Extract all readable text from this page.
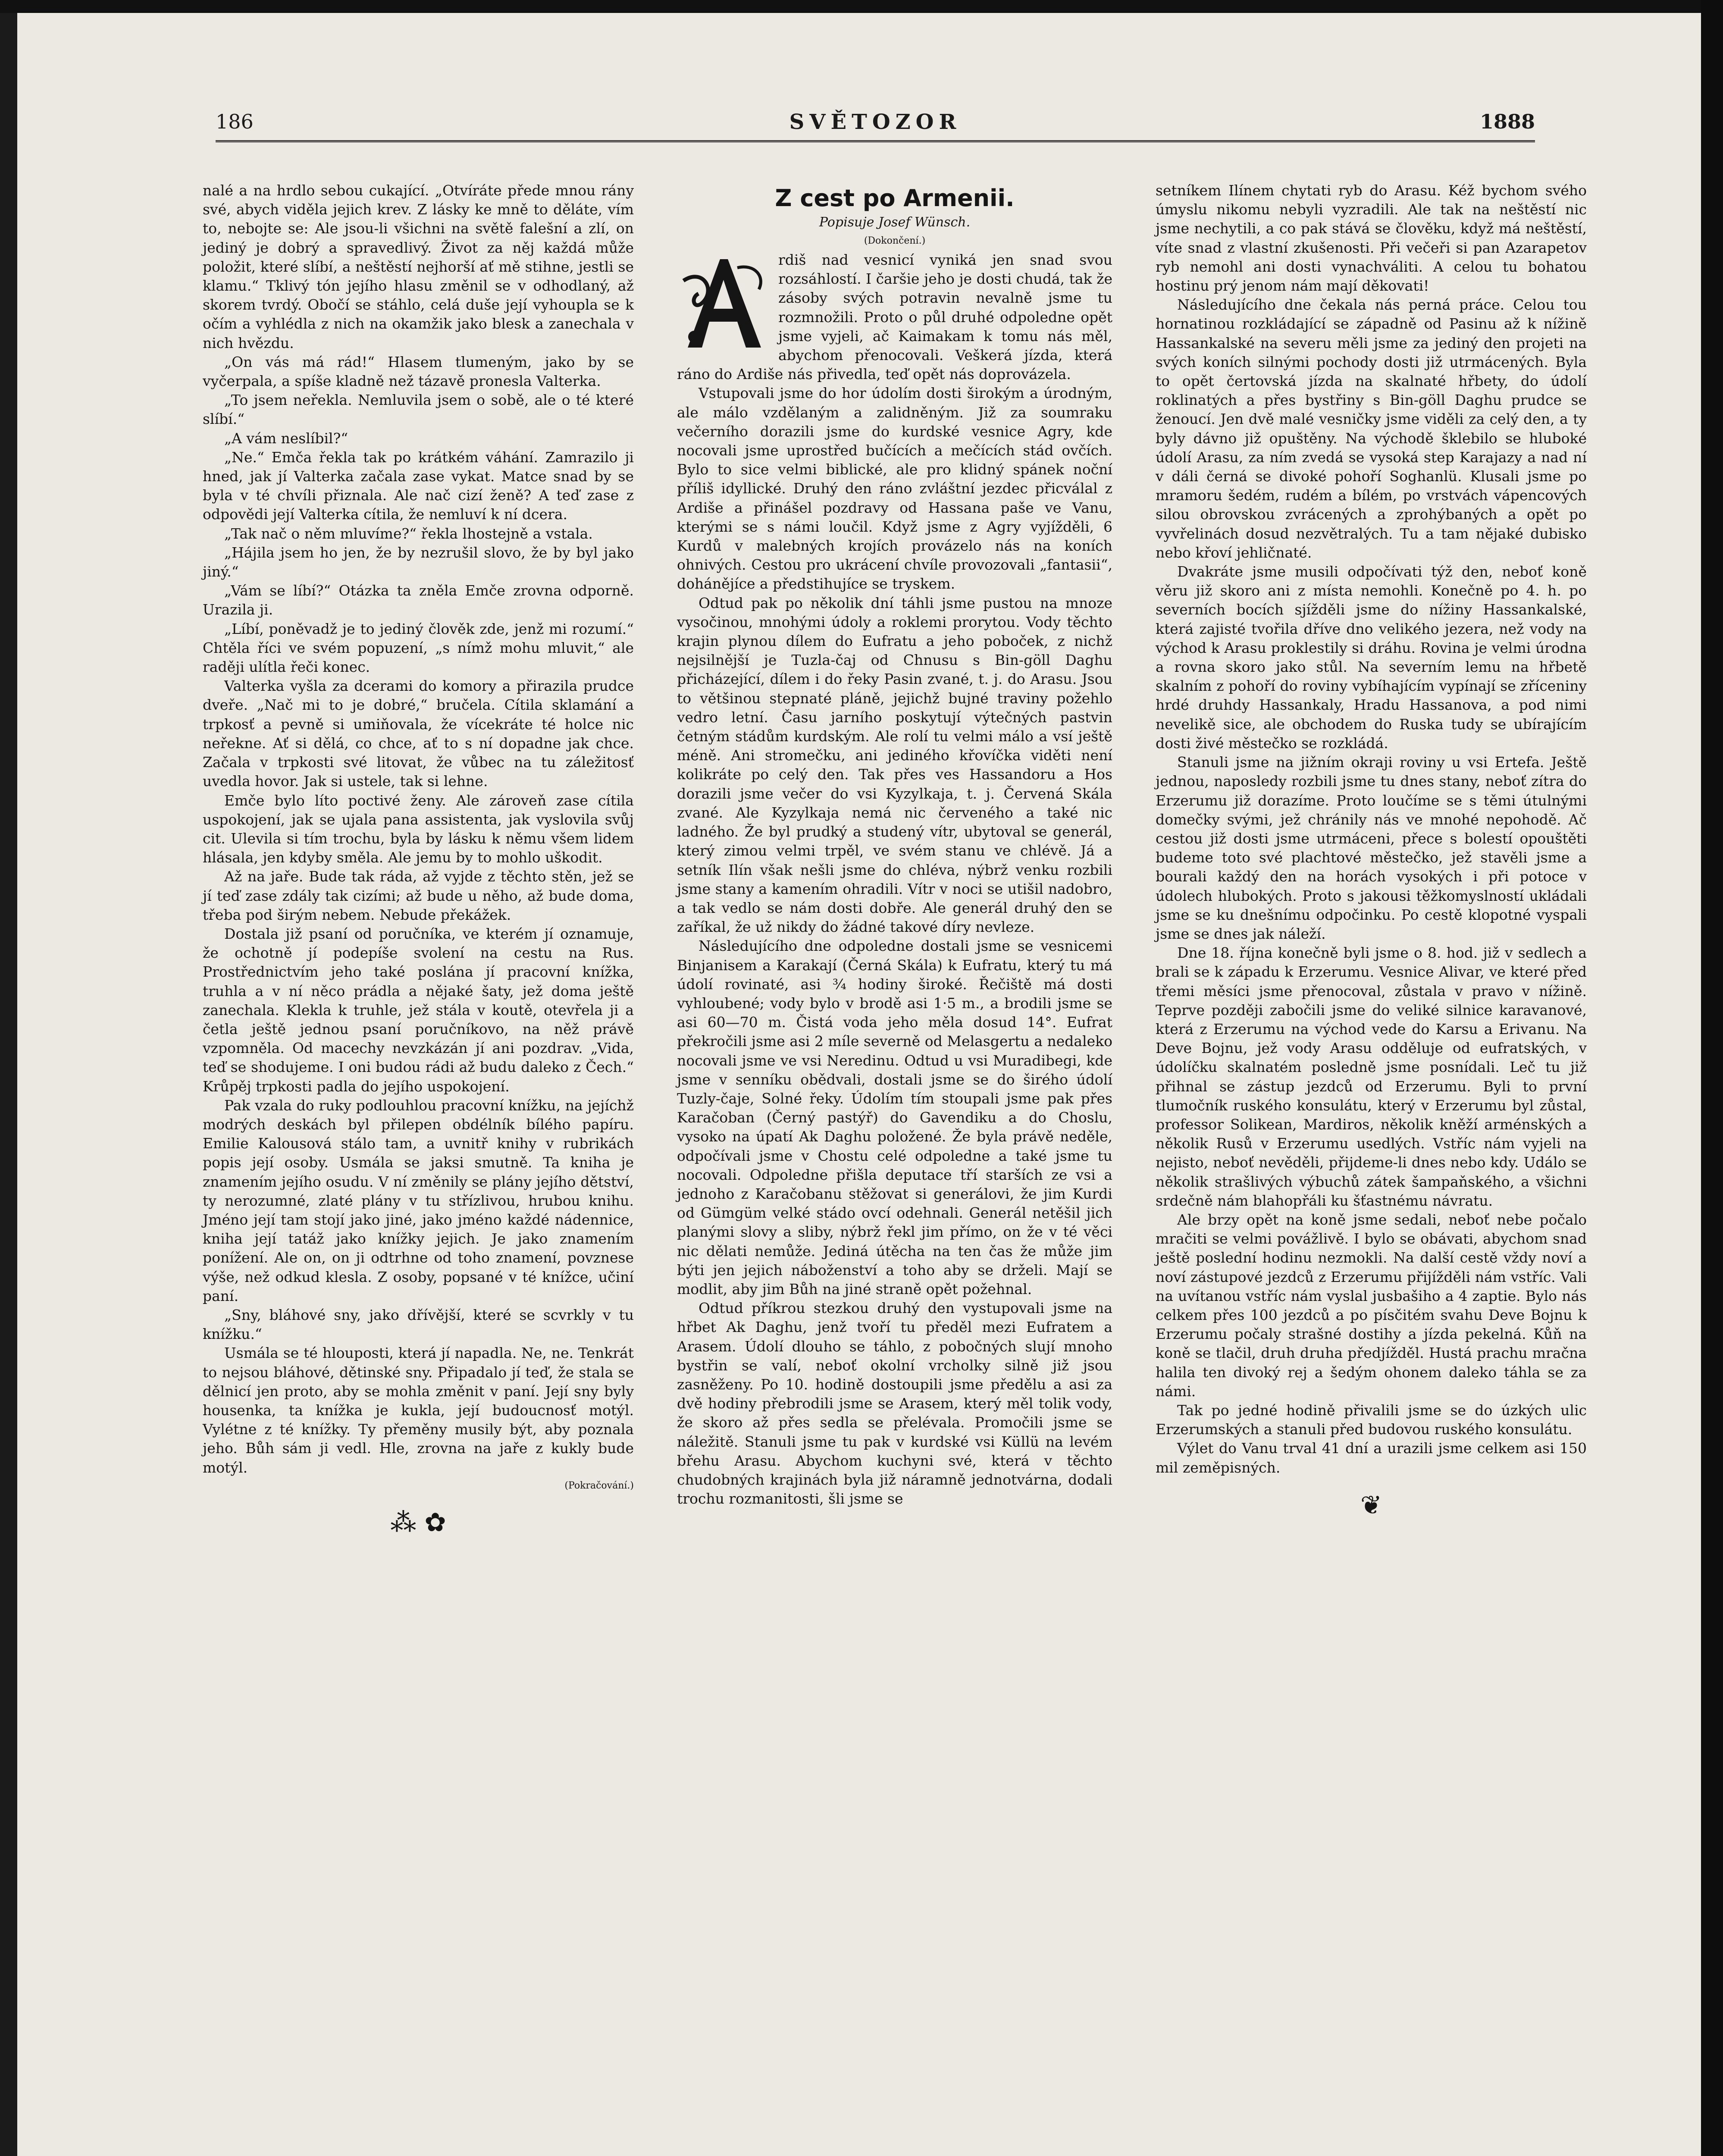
186	SVĚTOZOR	1888

nalé a na hrdlo sebou cukající. „Otvíráte přede mnou rány své, abych viděla jejich krev. Z lásky ke mně to děláte, vím to, nebojte se: Ale jsou-li všichni na světě falešní a zlí, on jediný je dobrý a spravedlivý. Život za něj každá může položit, které slíbí, a neštěstí nejhorší ať mě stihne, jestli se klamu.“ Tklivý tón jejího hlasu změnil se v odhodlaný, až skorem tvrdý. Obočí se stáhlo, celá duše její vyhoupla se k očím a vyhlédla z nich na okamžik jako blesk a zanechala v nich hvězdu.

„On vás má rád!“ Hlasem tlumeným, jako by se vyčerpala, a spíše kladně než tázavě pronesla Valterka.

„To jsem neřekla. Nemluvila jsem o sobě, ale o té které slíbí.“

„A vám neslíbil?“

„Ne.“ Emča řekla tak po krátkém váhání. Zamrazilo ji hned, jak jí Valterka začala zase vykat. Matce snad by se byla v té chvíli přiznala. Ale nač cizí ženě? A teď zase z odpovědi její Valterka cítila, že nemluví k ní dcera.

„Tak nač o něm mluvíme?“ řekla lhostejně a vstala.

„Hájila jsem ho jen, že by nezrušil slovo, že by byl jako jiný.“

„Vám se líbí?“ Otázka ta zněla Emče zrovna odporně. Urazila ji.

„Líbí, poněvadž je to jediný člověk zde, jenž mi rozumí.“ Chtěla říci ve svém popuzení, „s nímž mohu mluvit,“ ale raději ulítla řeči konec.

Valterka vyšla za dcerami do komory a přirazila prudce dveře. „Nač mi to je dobré,“ bručela. Cítila sklamání a trpkosť a pevně si umiňovala, že vícekráte té holce nic neřekne. Ať si dělá, co chce, ať to s ní dopadne jak chce. Začala v trpkosti své litovat, že vůbec na tu záležitosť uvedla hovor. Jak si ustele, tak si lehne.

Emče bylo líto poctivé ženy. Ale zároveň zase cítila uspokojení, jak se ujala pana assistenta, jak vyslovila svůj cit. Ulevila si tím trochu, byla by lásku k němu všem lidem hlásala, jen kdyby směla. Ale jemu by to mohlo uškodit.

Až na jaře. Bude tak ráda, až vyjde z těchto stěn, jež se jí teď zase zdály tak cizími; až bude u něho, až bude doma, třeba pod širým nebem. Nebude překážek.

Dostala již psaní od poručníka, ve kterém jí oznamuje, že ochotně jí podepíše svolení na cestu na Rus. Prostřednictvím jeho také poslána jí pracovní knížka, truhla a v ní něco prádla a nějaké šaty, jež doma ještě zanechala. Klekla k truhle, jež stála v koutě, otevřela ji a četla ještě jednou psaní poručníkovo, na něž právě vzpomněla. Od macechy nevzkázán jí ani pozdrav. „Vida, teď se shodujeme. I oni budou rádi až budu daleko z Čech.“ Krůpěj trpkosti padla do jejího uspokojení.

Pak vzala do ruky podlouhlou pracovní knížku, na jejíchž modrých deskách byl přilepen obdélník bílého papíru. Emilie Kalousová stálo tam, a uvnitř knihy v rubrikách popis její osoby. Usmála se jaksi smutně. Ta kniha je znamením jejího osudu. V ní změnily se plány jejího dětství, ty nerozumné, zlaté plány v tu střízlivou, hrubou knihu. Jméno její tam stojí jako jiné, jako jméno každé nádennice, kniha její tatáž jako knížky jejich. Je jako znamením ponížení. Ale on, on ji odtrhne od toho znamení, povznese výše, než odkud klesla. Z osoby, popsané v té knížce, učiní paní.

„Sny, bláhové sny, jako dřívější, které se scvrkly v tu knížku.“

Usmála se té hlouposti, která jí napadla. Ne, ne. Tenkrát to nejsou bláhové, dětinské sny. Připadalo jí teď, že stala se dělnicí jen proto, aby se mohla změnit v paní. Její sny byly housenka, ta knížka je kukla, její budoucnosť motýl. Vylétne z té knížky. Ty přeměny musily být, aby poznala jeho. Bůh sám ji vedl. Hle, zrovna na jaře z kukly bude motýl.

(Pokračování.)
⁂ ✿
Z cest po Armenii.
Popisuje Josef Wünsch.
(Dokončení.)
A

rdiš nad vesnicí vyniká jen snad svou rozsáhlostí. I čaršie jeho je dosti chudá, tak že zásoby svých potravin nevalně jsme tu rozmnožili. Proto o půl druhé odpoledne opět jsme vyjeli, ač Kaimakam k tomu nás měl, abychom přenocovali. Veškerá jízda, která ráno do Ardiše nás přivedla, teď opět nás doprovázela.

Vstupovali jsme do hor údolím dosti širokým a úrodným, ale málo vzdělaným a zalidněným. Již za soumraku večerního dorazili jsme do kurdské vesnice Agry, kde nocovali jsme uprostřed bučících a mečících stád ovčích. Bylo to sice velmi biblické, ale pro klidný spánek noční příliš idyllické. Druhý den ráno zvláštní jezdec přicválal z Ardiše a přinášel pozdravy od Hassana paše ve Vanu, kterými se s námi loučil. Když jsme z Agry vyjížděli, 6 Kurdů v malebných krojích provázelo nás na koních ohnivých. Cestou pro ukrácení chvíle provozovali „fantasii“, dohánějíce a předstihujíce se tryskem.

Odtud pak po několik dní táhli jsme pustou na mnoze vysočinou, mnohými údoly a roklemi prorytou. Vody těchto krajin plynou dílem do Eufratu a jeho poboček, z nichž nejsilnější je Tuzla-čaj od Chnusu s Bin-göll Daghu přicházející, dílem i do řeky Pasin zvané, t. j. do Arasu. Jsou to většinou stepnaté pláně, jejichž bujné traviny požehlo vedro letní. Času jarního poskytují výtečných pastvin četným stádům kurdským. Ale rolí tu velmi málo a vsí ještě méně. Ani stromečku, ani jediného křovíčka viděti není kolikráte po celý den. Tak přes ves Hassandoru a Hos dorazili jsme večer do vsi Kyzylkaja, t. j. Červená Skála zvané. Ale Kyzylkaja nemá nic červeného a také nic ladného. Že byl prudký a studený vítr, ubytoval se generál, který zimou velmi trpěl, ve svém stanu ve chlévě. Já a setník Ilín však nešli jsme do chléva, nýbrž venku rozbili jsme stany a kamením ohradili. Vítr v noci se utišil nadobro, a tak vedlo se nám dosti dobře. Ale generál druhý den se zaříkal, že už nikdy do žádné takové díry nevleze.

Následujícího dne odpoledne dostali jsme se vesnicemi Binjanisem a Karakají (Černá Skála) k Eufratu, který tu má údolí rovinaté, asi ¾ hodiny široké. Řečiště má dosti vyhloubené; vody bylo v brodě asi 1·5 m., a brodili jsme se asi 60—70 m. Čistá voda jeho měla dosud 14°. Eufrat překročili jsme asi 2 míle severně od Melasgertu a nedaleko nocovali jsme ve vsi Neredinu. Odtud u vsi Muradibegi, kde jsme v senníku obědvali, dostali jsme se do širého údolí Tuzly-čaje, Solné řeky. Údolím tím stoupali jsme pak přes Karačoban (Černý pastýř) do Gavendiku a do Choslu, vysoko na úpatí Ak Daghu položené. Že byla právě neděle, odpočívali jsme v Chostu celé odpoledne a také jsme tu nocovali. Odpoledne přišla deputace tří starších ze vsi a jednoho z Karačobanu stěžovat si generálovi, že jim Kurdi od Gümgüm velké stádo ovcí odehnali. Generál netěšil jich planými slovy a sliby, nýbrž řekl jim přímo, on že v té věci nic dělati nemůže. Jediná útěcha na ten čas že může jim býti jen jejich náboženství a toho aby se drželi. Mají se modlit, aby jim Bůh na jiné straně opět požehnal.

Odtud příkrou stezkou druhý den vystupovali jsme na hřbet Ak Daghu, jenž tvoří tu předěl mezi Eufratem a Arasem. Údolí dlouho se táhlo, z pobočných slují mnoho bystřin se valí, neboť okolní vrcholky silně již jsou zasněženy. Po 10. hodině dostoupili jsme předělu a asi za dvě hodiny přebrodili jsme se Arasem, který měl tolik vody, že skoro až přes sedla se přelévala. Promočili jsme se náležitě. Stanuli jsme tu pak v kurdské vsi Küllü na levém břehu Arasu. Abychom kuchyni své, která v těchto chudobných krajinách byla již náramně jednotvárna, dodali trochu rozmanitosti, šli jsme se

setníkem Ilínem chytati ryb do Arasu. Kéž bychom svého úmyslu nikomu nebyli vyzradili. Ale tak na neštěstí nic jsme nechytili, a co pak stává se člověku, když má neštěstí, víte snad z vlastní zkušenosti. Při večeři si pan Azarapetov ryb nemohl ani dosti vynachváliti. A celou tu bohatou hostinu prý jenom nám mají děkovati!

Následujícího dne čekala nás perná práce. Celou tou hornatinou rozkládající se západně od Pasinu až k nížině Hassankalské na severu měli jsme za jediný den projeti na svých koních silnými pochody dosti již utrmácených. Byla to opět čertovská jízda na skalnaté hřbety, do údolí roklinatých a přes bystřiny s Bin-göll Daghu prudce se ženoucí. Jen dvě malé vesničky jsme viděli za celý den, a ty byly dávno již opuštěny. Na východě šklebilo se hluboké údolí Arasu, za ním zvedá se vysoká step Karajazy a nad ní v dáli černá se divoké pohoří Soghanlü. Klusali jsme po mramoru šedém, rudém a bílém, po vrstvách vápencových silou obrovskou zvrácených a zprohýbaných a opět po vyvřelinách dosud nezvětralých. Tu a tam nějaké dubisko nebo křoví jehličnaté.

Dvakráte jsme musili odpočívati týž den, neboť koně věru již skoro ani z místa nemohli. Konečně po 4. h. po severních bocích sjížděli jsme do nížiny Hassankalské, která zajisté tvořila dříve dno velikého jezera, než vody na východ k Arasu proklestily si dráhu. Rovina je velmi úrodna a rovna skoro jako stůl. Na severním lemu na hřbetě skalním z pohoří do roviny vybíhajícím vypínají se zříceniny hrdé druhdy Hassankaly, Hradu Hassanova, a pod nimi nevelikě sice, ale obchodem do Ruska tudy se ubírajícím dosti živé městečko se rozkládá.

Stanuli jsme na jižním okraji roviny u vsi Ertefa. Ještě jednou, naposledy rozbili jsme tu dnes stany, neboť zítra do Erzerumu již dorazíme. Proto loučíme se s těmi útulnými domečky svými, jež chránily nás ve mnohé nepohodě. Ač cestou již dosti jsme utrmáceni, přece s bolestí opouštěti budeme toto své plachtové městečko, jež stavěli jsme a bourali každý den na horách vysokých i při potoce v údolech hlubokých. Proto s jakousi těžkomyslností ukládali jsme se ku dnešnímu odpočinku. Po cestě klopotné vyspali jsme se dnes jak náleží.

Dne 18. října konečně byli jsme o 8. hod. již v sedlech a brali se k západu k Erzerumu. Vesnice Alivar, ve které před třemi měsíci jsme přenocoval, zůstala v pravo v nížině. Teprve později zabočili jsme do veliké silnice karavanové, která z Erzerumu na východ vede do Karsu a Erivanu. Na Deve Bojnu, jež vody Arasu odděluje od eufratských, v údolíčku skalnatém posledně jsme posnídali. Leč tu již přihnal se zástup jezdců od Erzerumu. Byli to první tlumočník ruského konsulátu, který v Erzerumu byl zůstal, professor Solikean, Mardiros, několik kněží arménských a několik Rusů v Erzerumu usedlých. Vstříc nám vyjeli na nejisto, neboť nevěděli, přijdeme-li dnes nebo kdy. Událo se několik strašlivých výbuchů zátek šampaňského, a všichni srdečně nám blahopřáli ku šťastnému návratu.

Ale brzy opět na koně jsme sedali, neboť nebe počalo mračiti se velmi povážlivě. I bylo se obávati, abychom snad ještě poslední hodinu nezmokli. Na další cestě vždy noví a noví zástupové jezdců z Erzerumu přijížděli nám vstříc. Vali na uvítanou vstříc nám vyslal jusbašiho a 4 zaptie. Bylo nás celkem přes 100 jezdců a po písčitém svahu Deve Bojnu k Erzerumu počaly strašné dostihy a jízda pekelná. Kůň na koně se tlačil, druh druha předjížděl. Hustá prachu mračna halila ten divoký rej a šedým ohonem daleko táhla se za námi.

Tak po jedné hodině přivalili jsme se do úzkých ulic Erzerumských a stanuli před budovou ruského konsulátu.

Výlet do Vanu trval 41 dní a urazili jsme celkem asi 150 mil zeměpisných.

❦
